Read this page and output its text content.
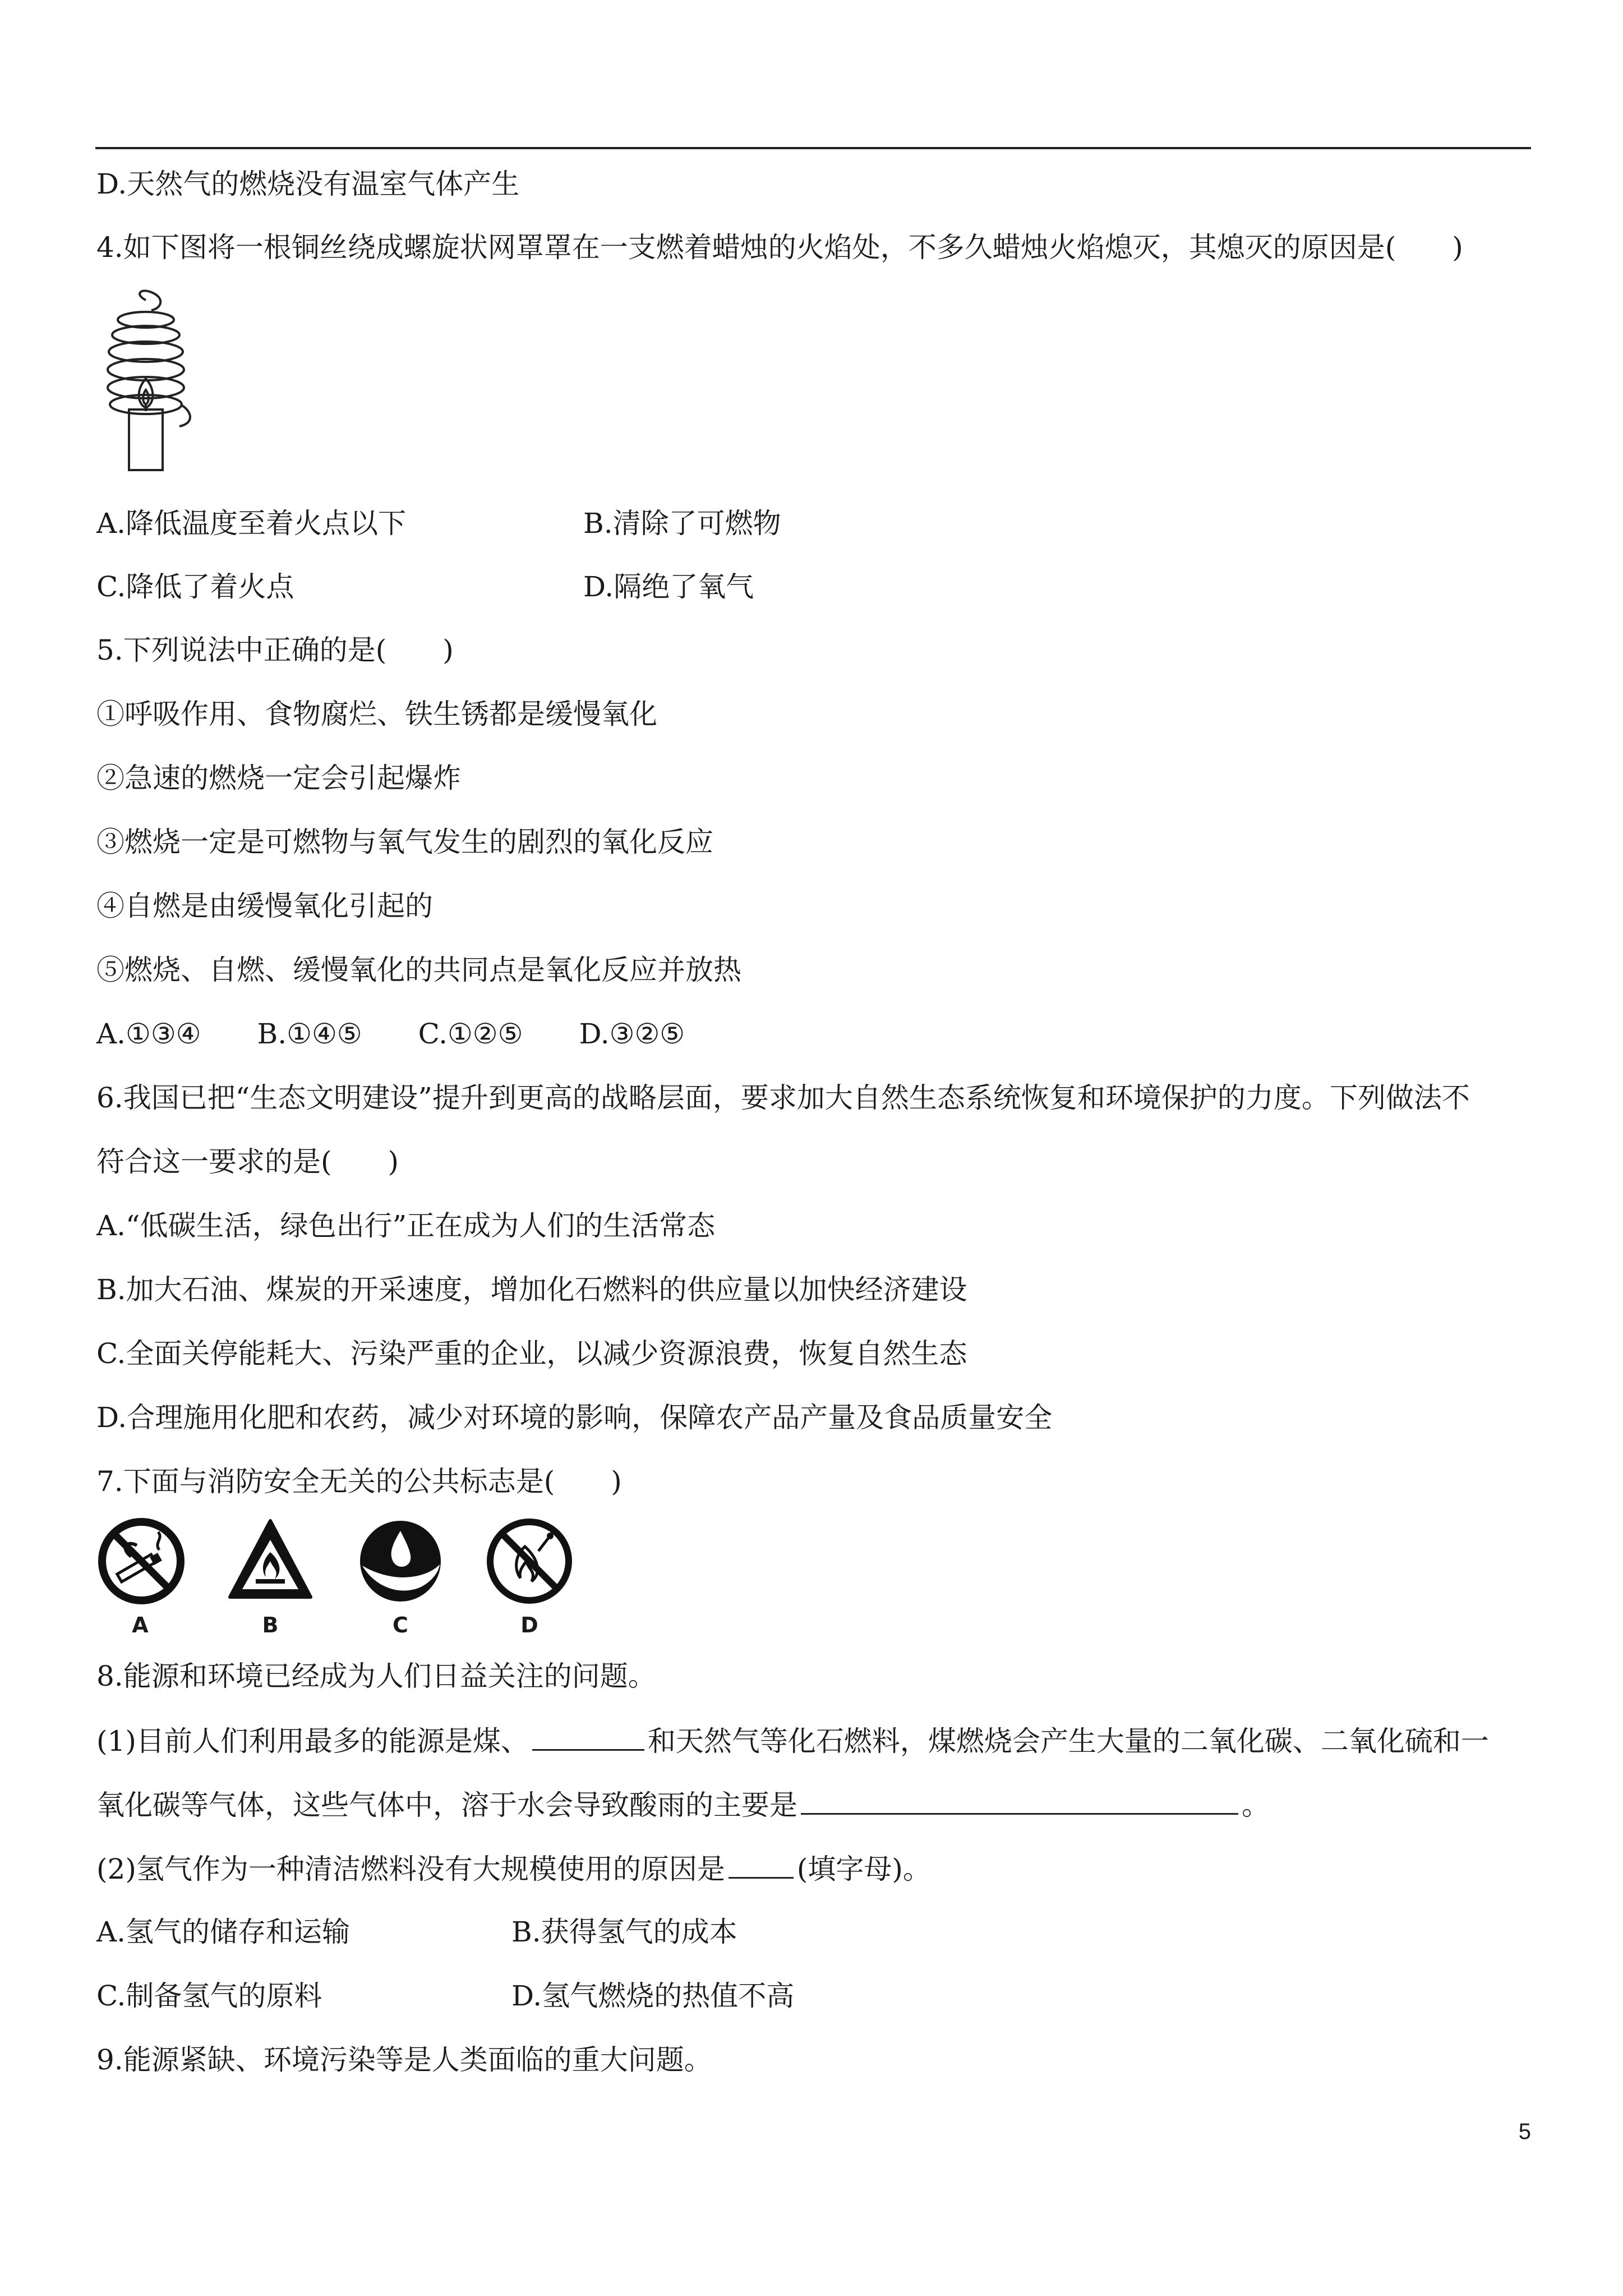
D.天然气的燃烧没有温室气体产生
4.如下图将一根铜丝绕成螺旋状网罩罩在一支燃着蜡烛的火焰处，不多久蜡烛火焰熄灭，其熄灭的原因是(　　)
A.降低温度至着火点以下	B.清除了可燃物
C.降低了着火点	D.隔绝了氧气
5.下列说法中正确的是(　　)
①呼吸作用、食物腐烂、铁生锈都是缓慢氧化
②急速的燃烧一定会引起爆炸
③燃烧一定是可燃物与氧气发生的剧烈的氧化反应
④自燃是由缓慢氧化引起的
⑤燃烧、自燃、缓慢氧化的共同点是氧化反应并放热
A.①③④ B.①④⑤ C.①②⑤ D.③②⑤
6.我国已把“生态文明建设”提升到更高的战略层面，要求加大自然生态系统恢复和环境保护的力度。下列做法不
符合这一要求的是(　　)
A.“低碳生活，绿色出行”正在成为人们的生活常态
B.加大石油、煤炭的开采速度，增加化石燃料的供应量以加快经济建设
C.全面关停能耗大、污染严重的企业，以减少资源浪费，恢复自然生态
D.合理施用化肥和农药，减少对环境的影响，保障农产品产量及食品质量安全
7.下面与消防安全无关的公共标志是(　　)
A	B	C	D
8.能源和环境已经成为人们日益关注的问题。
(1)目前人们利用最多的能源是煤、	和天然气等化石燃料，煤燃烧会产生大量的二氧化碳、二氧化硫和一
氧化碳等气体，这些气体中，溶于水会导致酸雨的主要是	。
(2)氢气作为一种清洁燃料没有大规模使用的原因是	(填字母)。
A.氢气的储存和运输	B.获得氢气的成本
C.制备氢气的原料	D.氢气燃烧的热值不高
9.能源紧缺、环境污染等是人类面临的重大问题。
5
